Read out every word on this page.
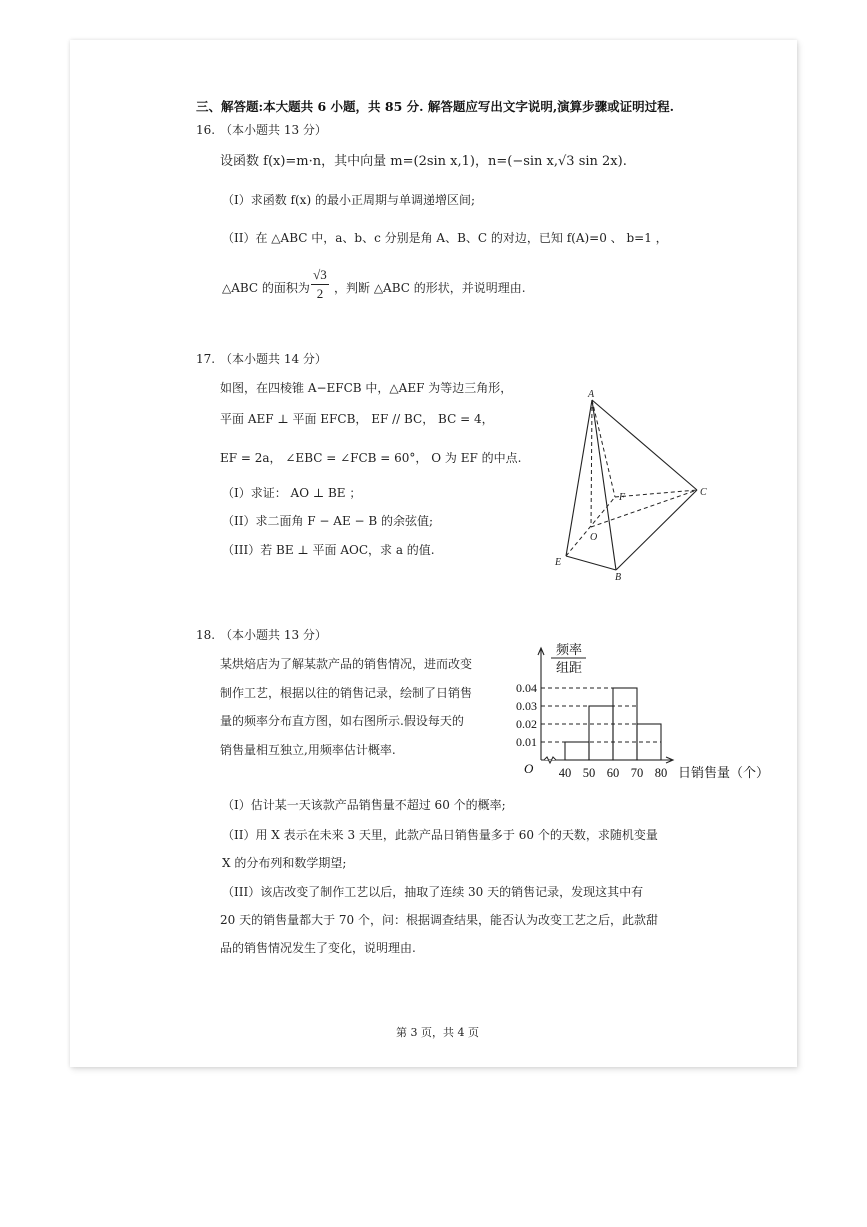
三、解答题:本大题共 6 小题，共 85 分. 解答题应写出文字说明,演算步骤或证明过程.
16. （本小题共 13 分）
设函数 f(x)=m·n，其中向量 m=(2sin x,1)，n=(−sin x,√3 sin 2x).
（I）求函数 f(x) 的最小正周期与单调递增区间;
（II）在 △ABC 中，a、b、c 分别是角 A、B、C 的对边，已知 f(A)=0 、 b=1 ，
△ABC 的面积为
√3
2 ，判断 △ABC 的形状，并说明理由.
17. （本小题共 14 分）
如图，在四棱锥 A−EFCB 中，△AEF 为等边三角形，
平面 AEF ⊥ 平面 EFCB， EF // BC， BC = 4，
EF = 2a， ∠EBC = ∠FCB = 60°， O 为 EF 的中点.
（I）求证： AO ⊥ BE ；
（II）求二面角 F − AE − B 的余弦值;
（III）若 BE ⊥ 平面 AOC，求 a 的值.
A
F	C
O
E
B
18. （本小题共 13 分）
某烘焙店为了解某款产品的销售情况，进而改变
制作工艺，根据以往的销售记录，绘制了日销售
量的频率分布直方图，如右图所示.假设每天的
销售量相互独立,用频率估计概率.
（I）估计某一天该款产品销售量不超过 60 个的概率;
（II）用 X 表示在未来 3 天里，此款产品日销售量多于 60 个的天数，求随机变量
X 的分布列和数学期望;
（III）该店改变了制作工艺以后，抽取了连续 30 天的销售记录，发现这其中有
20 天的销售量都大于 70 个，问：根据调查结果，能否认为改变工艺之后，此款甜
品的销售情况发生了变化，说明理由.
频率
组距
日销售量（个）
O
0.04
0.03
0.02
0.01
40 50 60 70 80
第 3 页，共 4 页
